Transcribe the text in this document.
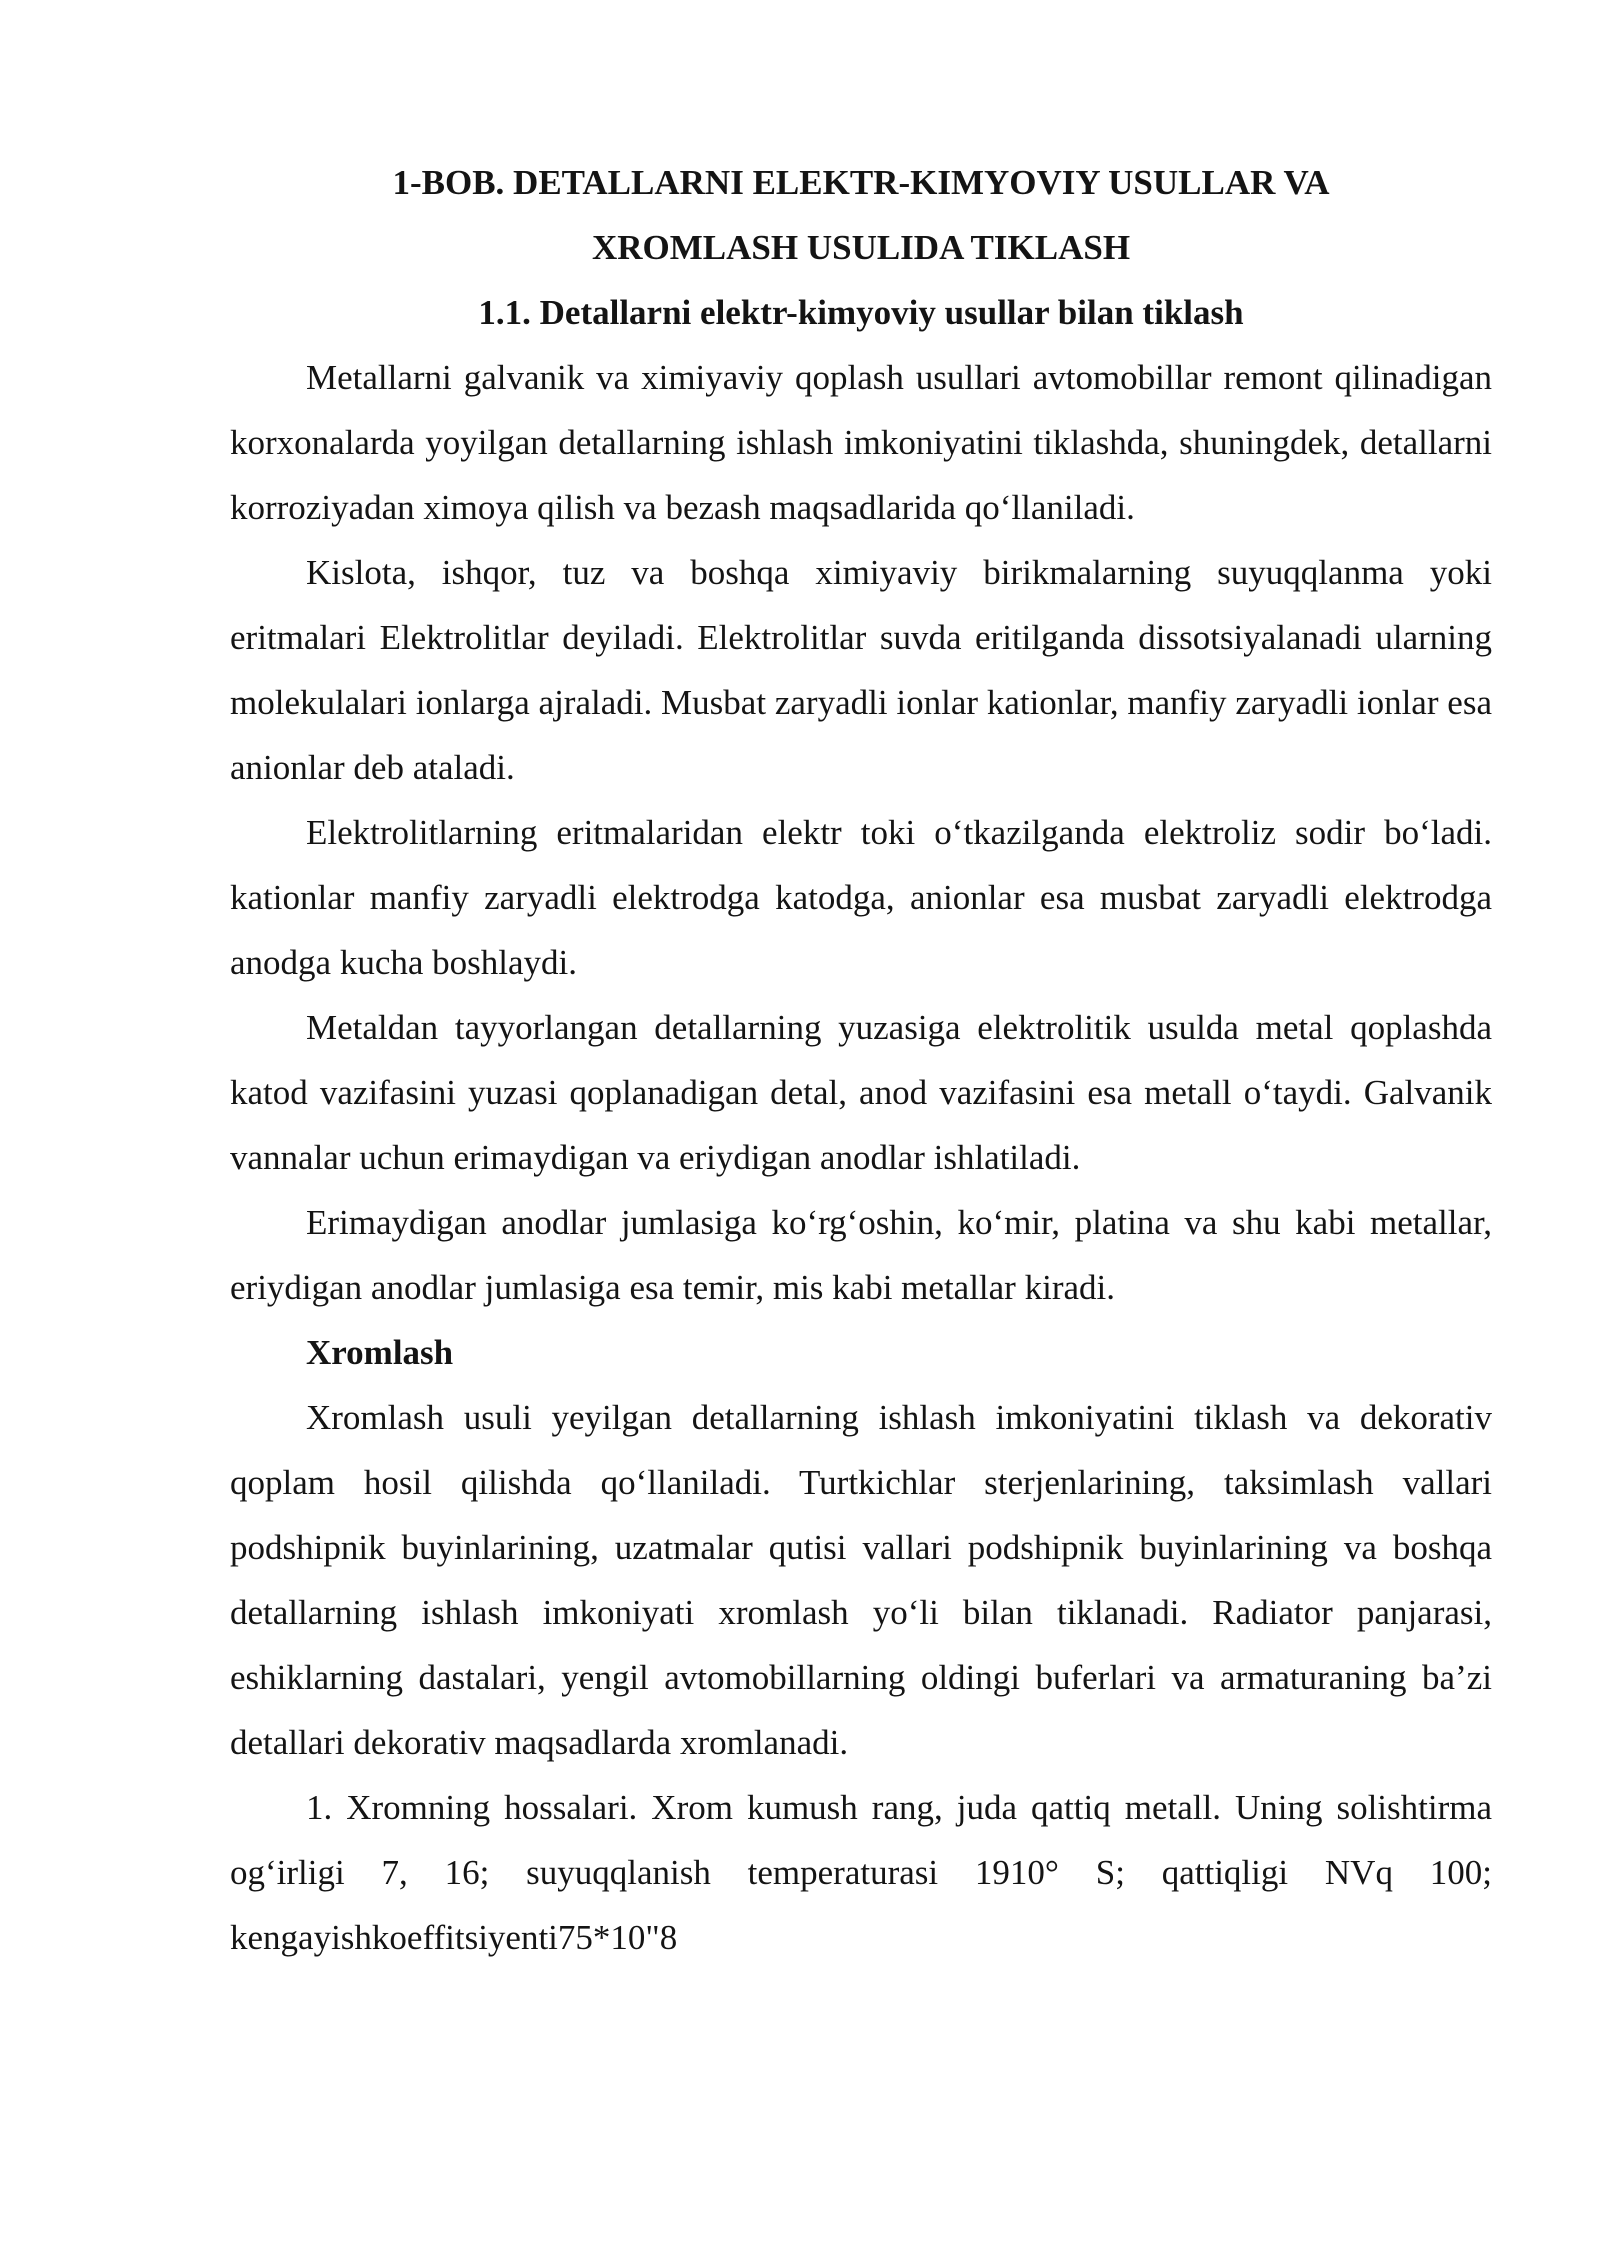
1-BOB. DETALLARNI ELEKTR-KIMYOVIY USULLAR VA
XROMLASH USULIDA TIKLASH

1.1. Detallarni elektr-kimyoviy usullar bilan tiklash

Metallarni galvanik va ximiyaviy qoplash usullari avtomobillar remont qilinadigan korxonalarda yoyilgan detallarning ishlash imkoniyatini tiklashda, shuningdek, detallarni korroziyadan ximoya qilish va bezash maqsadlarida qo‘llaniladi.

Kislota, ishqor, tuz va boshqa ximiyaviy birikmalarning suyuqqlanma yoki eritmalari Elektrolitlar deyiladi. Elektrolitlar suvda eritilganda dissotsiyalanadi ularning molekulalari ionlarga ajraladi. Musbat zaryadli ionlar kationlar, manfiy zaryadli ionlar esa anionlar deb ataladi.

Elektrolitlarning eritmalaridan elektr toki o‘tkazilganda elektroliz sodir bo‘ladi. kationlar manfiy zaryadli elektrodga katodga, anionlar esa musbat zaryadli elektrodga anodga kucha boshlaydi.

Metaldan tayyorlangan detallarning yuzasiga elektrolitik usulda metal qoplashda katod vazifasini yuzasi qoplanadigan detal, anod vazifasini esa metall o‘taydi. Galvanik vannalar uchun erimaydigan va eriydigan anodlar ishlatiladi.

Erimaydigan anodlar jumlasiga ko‘rg‘oshin, ko‘mir, platina va shu kabi metallar, eriydigan anodlar jumlasiga esa temir, mis kabi metallar kiradi.

Xromlash

Xromlash usuli yeyilgan detallarning ishlash imkoniyatini tiklash va dekorativ qoplam hosil qilishda qo‘llaniladi. Turtkichlar sterjenlarining, taksimlash vallari podshipnik buyinlarining, uzatmalar qutisi vallari podshipnik buyinlarining va boshqa detallarning ishlash imkoniyati xromlash yo‘li bilan tiklanadi. Radiator panjarasi, eshiklarning dastalari, yengil avtomobillarning oldingi buferlari va armaturaning ba’zi detallari dekorativ maqsadlarda xromlanadi.

1. Xromning hossalari. Xrom kumush rang, juda qattiq metall. Uning solishtirma og‘irligi 7, 16; suyuqqlanish temperaturasi 1910° S; qattiqligi NVq 100; kengayishkoeffitsiyenti75*10"8
